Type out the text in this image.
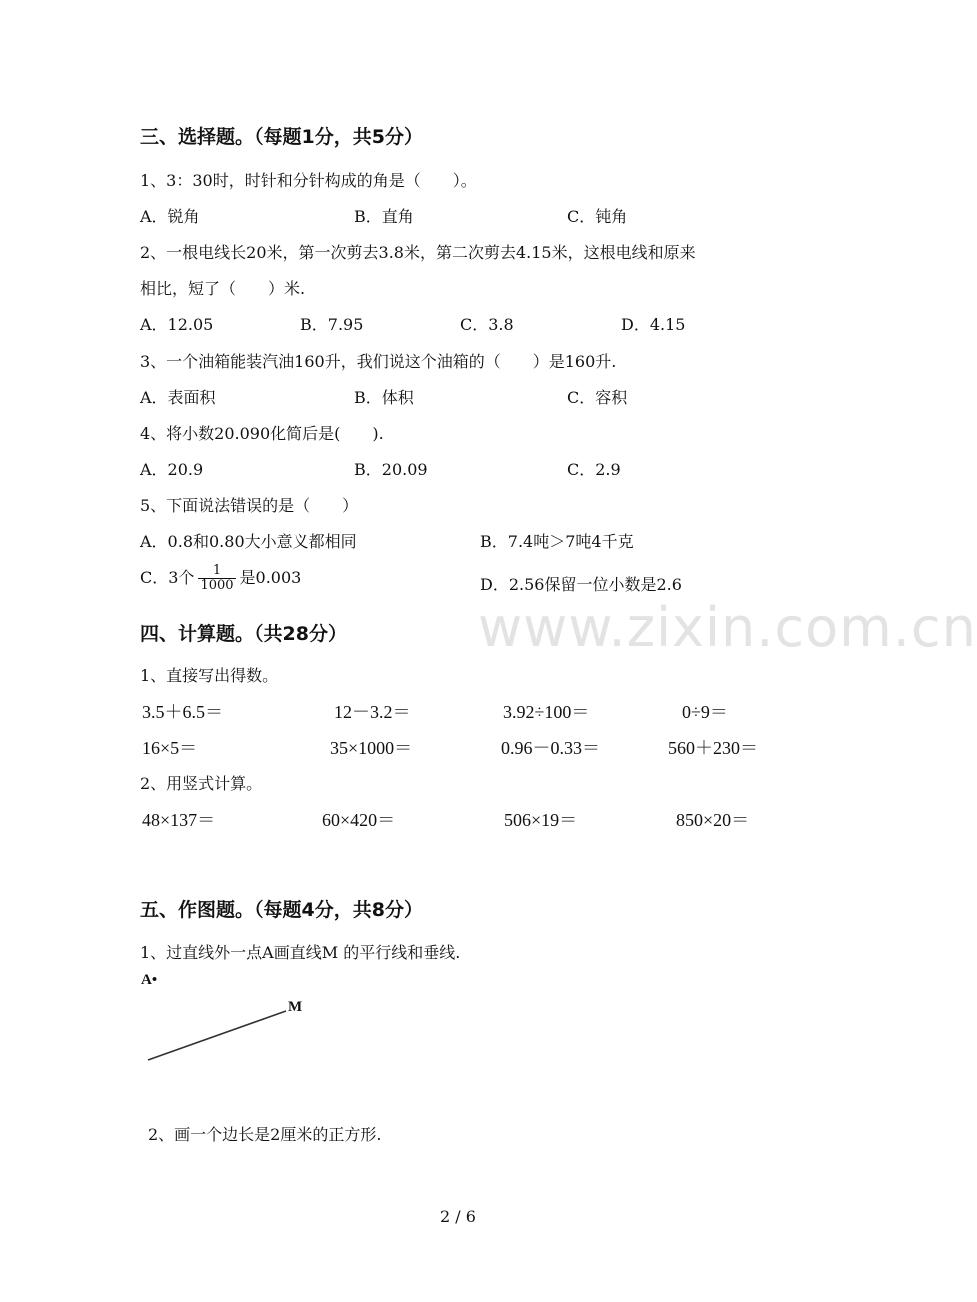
www.zixin.com.cn
三、选择题。（每题1分，共5分）
1、3：30时，时针和分针构成的角是（　　）。
A．锐角	B．直角	C．钝角
2、一根电线长20米，第一次剪去3.8米，第二次剪去4.15米，这根电线和原来
相比，短了（　　）米.
A．12.05	B．7.95	C．3.8	D．4.15
3、一个油箱能装汽油160升，我们说这个油箱的（　　）是160升.
A．表面积	B．体积	C．容积
4、将小数20.090化简后是(　　).
A．20.9	B．20.09	C．2.9
5、下面说法错误的是（　　）
A．0.8和0.80大小意义都相同	B．7.4吨＞7吨4千克
C．3个 $\frac{1}{1000}$ 是0.003	D．2.56保留一位小数是2.6
四、计算题。（共28分）
1、直接写出得数。
3.5＋6.5＝	12－3.2＝	3.92÷100＝	0÷9＝
16×5＝	35×1000＝	0.96－0.33＝	560＋230＝
2、用竖式计算。
48×137＝	60×420＝	506×19＝	850×20＝
五、作图题。（每题4分，共8分）
1、过直线外一点A画直线M 的平行线和垂线.
A•
M
2、画一个边长是2厘米的正方形.
2 / 6
